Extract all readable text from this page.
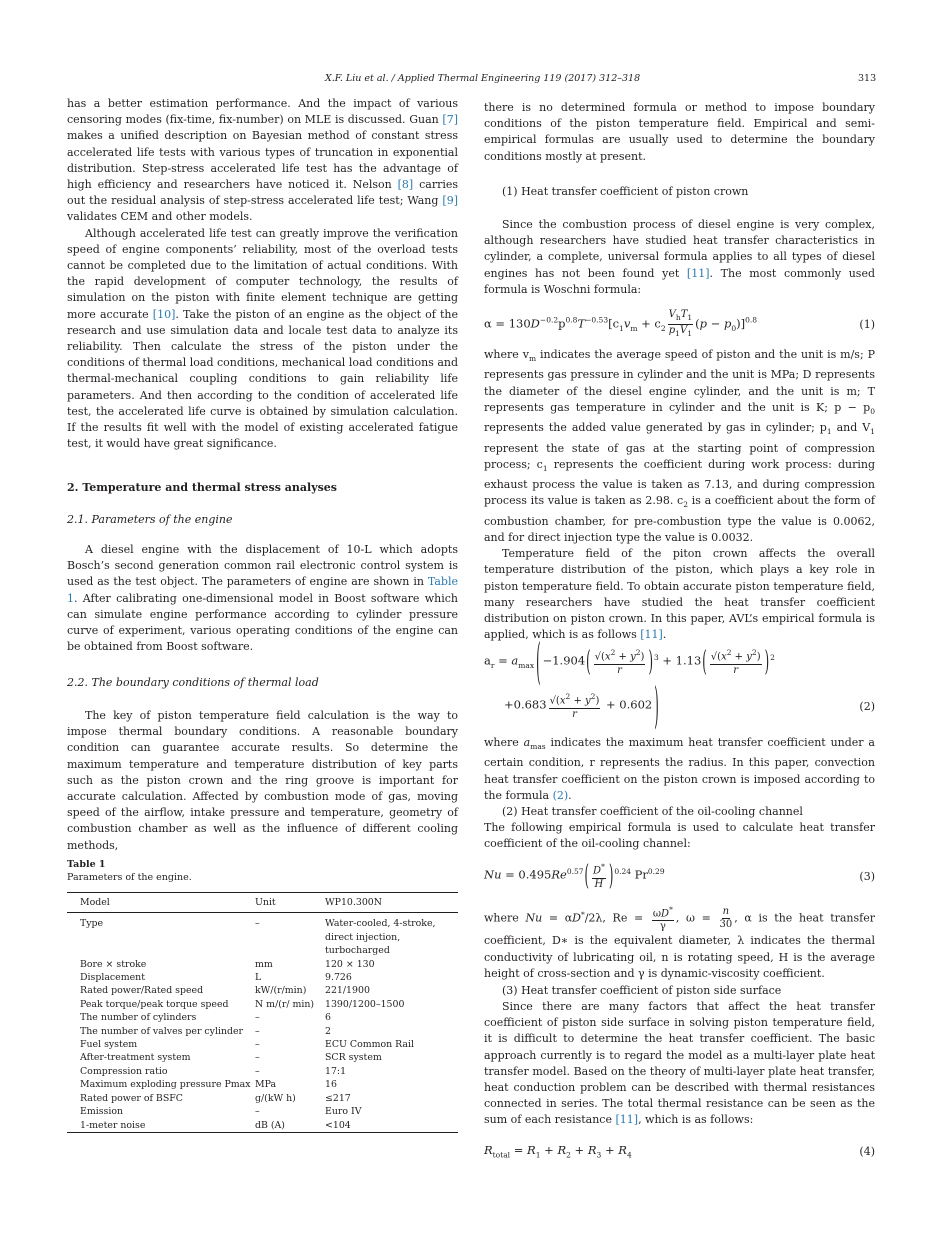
X.F. Liu et al. / Applied Thermal Engineering 119 (2017) 312–318	313

has a better estimation performance. And the impact of various censoring modes (fix-time, fix-number) on MLE is discussed. Guan [7] makes a unified description on Bayesian method of constant stress accelerated life tests with various types of truncation in exponential distribution. Step-stress accelerated life test has the advantage of high efficiency and researchers have noticed it. Nelson [8] carries out the residual analysis of step-stress accelerated life test; Wang [9] validates CEM and other models.

Although accelerated life test can greatly improve the verification speed of engine components’ reliability, most of the overload tests cannot be completed due to the limitation of actual conditions. With the rapid development of computer technology, the results of simulation on the piston with finite element technique are getting more accurate [10]. Take the piston of an engine as the object of the research and use simulation data and locale test data to analyze its reliability. Then calculate the stress of the piston under the conditions of thermal load conditions, mechanical load conditions and thermal-mechanical coupling conditions to gain reliability life parameters. And then according to the condition of accelerated life test, the accelerated life curve is obtained by simulation calculation. If the results fit well with the model of existing accelerated fatigue test, it would have great significance.

2. Temperature and thermal stress analyses
2.1. Parameters of the engine

A diesel engine with the displacement of 10-L which adopts Bosch’s second generation common rail electronic control system is used as the test object. The parameters of engine are shown in Table 1. After calibrating one-dimensional model in Boost software which can simulate engine performance according to cylinder pressure curve of experiment, various operating conditions of the engine can be obtained from Boost software.

2.2. The boundary conditions of thermal load

The key of piston temperature field calculation is the way to impose thermal boundary conditions. A reasonable boundary condition can guarantee accurate results. So determine the maximum temperature and temperature distribution of key parts such as the piston crown and the ring groove is important for accurate calculation. Affected by combustion mode of gas, moving speed of the airflow, intake pressure and temperature, geometry of combustion chamber as well as the influence of different cooling methods,

Table 1
Parameters of the engine.
Model	Unit	WP10.300N
Type	–	Water-cooled, 4-stroke, direct injection, turbocharged
Bore × stroke	mm	120 × 130
Displacement	L	9.726
Rated power/Rated speed	kW/(r/min)	221/1900
Peak torque/peak torque speed	N m/(r/ min)	1390/1200–1500
The number of cylinders	–	6
The number of valves per cylinder	–	2
Fuel system	–	ECU Common Rail
After-treatment system	–	SCR system
Compression ratio	–	17:1
Maximum exploding pressure Pmax	MPa	16
Rated power of BSFC	g/(kW h)	≤217
Emission	–	Euro IV
1-meter noise	dB (A)	<104

there is no determined formula or method to impose boundary conditions of the piston temperature field. Empirical and semi-empirical formulas are usually used to determine the boundary conditions mostly at present.

(1) Heat transfer coefficient of piston crown

Since the combustion process of diesel engine is very complex, although researchers have studied heat transfer characteristics in cylinder, a complete, universal formula applies to all types of diesel engines has not been found yet [11]. The most commonly used formula is Woschni formula:

$\alpha = 130D^{-0.2}p^{0.8}T^{-0.53}[c_1v_m + c_2 \frac{V_hT_1}{p_1V_1} (p - p_0)]^{0.8}$	(1)

where $v_m$ indicates the average speed of piston and the unit is m/s; P represents gas pressure in cylinder and the unit is MPa; D represents the diameter of the diesel engine cylinder, and the unit is m; T represents gas temperature in cylinder and the unit is K; $p - p_0$ represents the added value generated by gas in cylinder; $p_1$ and $V_1$ represent the state of gas at the starting point of compression process; $c_1$ represents the coefficient during work process: during exhaust process the value is taken as 7.13, and during compression process its value is taken as 2.98. $c_2$ is a coefficient about the form of combustion chamber, for pre-combustion type the value is 0.0062, and for direct injection type the value is 0.0032.

Temperature field of the piton crown affects the overall temperature distribution of the piston, which plays a key role in piston temperature field. To obtain accurate piston temperature field, many researchers have studied the heat transfer coefficient distribution on piston crown. In this paper, AVL’s empirical formula is applied, which is as follows [11].

$a_r = a_{max}$ ( $-1.904( \frac{√(x^2 + y^2)}{r} )^3 + 1.13( \frac{√(x^2 + y^2)}{r} )^2$
$+0.683 \frac{√(x^2 + y^2)}{r} + 0.602$ )	(2)

where $a_{mas}$ indicates the maximum heat transfer coefficient under a certain condition, r represents the radius. In this paper, convection heat transfer coefficient on the piston crown is imposed according to the formula (2).

(2) Heat transfer coefficient of the oil-cooling channel

The following empirical formula is used to calculate heat transfer coefficient of the oil-cooling channel:

$Nu = 0.495Re^{0.57}( \frac{D^*}{H} )^{0.24}$ $Pr^{0.29}$	(3)

where Nu = αD*/2λ, $Re = \frac{\omega D^*}{\gamma}$ , $\omega = \frac{n}{30}$ , α is the heat transfer coefficient, D∗ is the equivalent diameter, λ indicates the thermal conductivity of lubricating oil, n is rotating speed, H is the average height of cross-section and γ is dynamic-viscosity coefficient.

(3) Heat transfer coefficient of piston side surface

Since there are many factors that affect the heat transfer coefficient of piston side surface in solving piston temperature field, it is difficult to determine the heat transfer coefficient. The basic approach currently is to regard the model as a multi-layer plate heat transfer model. Based on the theory of multi-layer plate heat transfer, heat conduction problem can be described with thermal resistances connected in series. The total thermal resistance can be seen as the sum of each resistance [11], which is as follows:

$R_{total} = R_1 + R_2 + R_3 + R_4$	(4)
